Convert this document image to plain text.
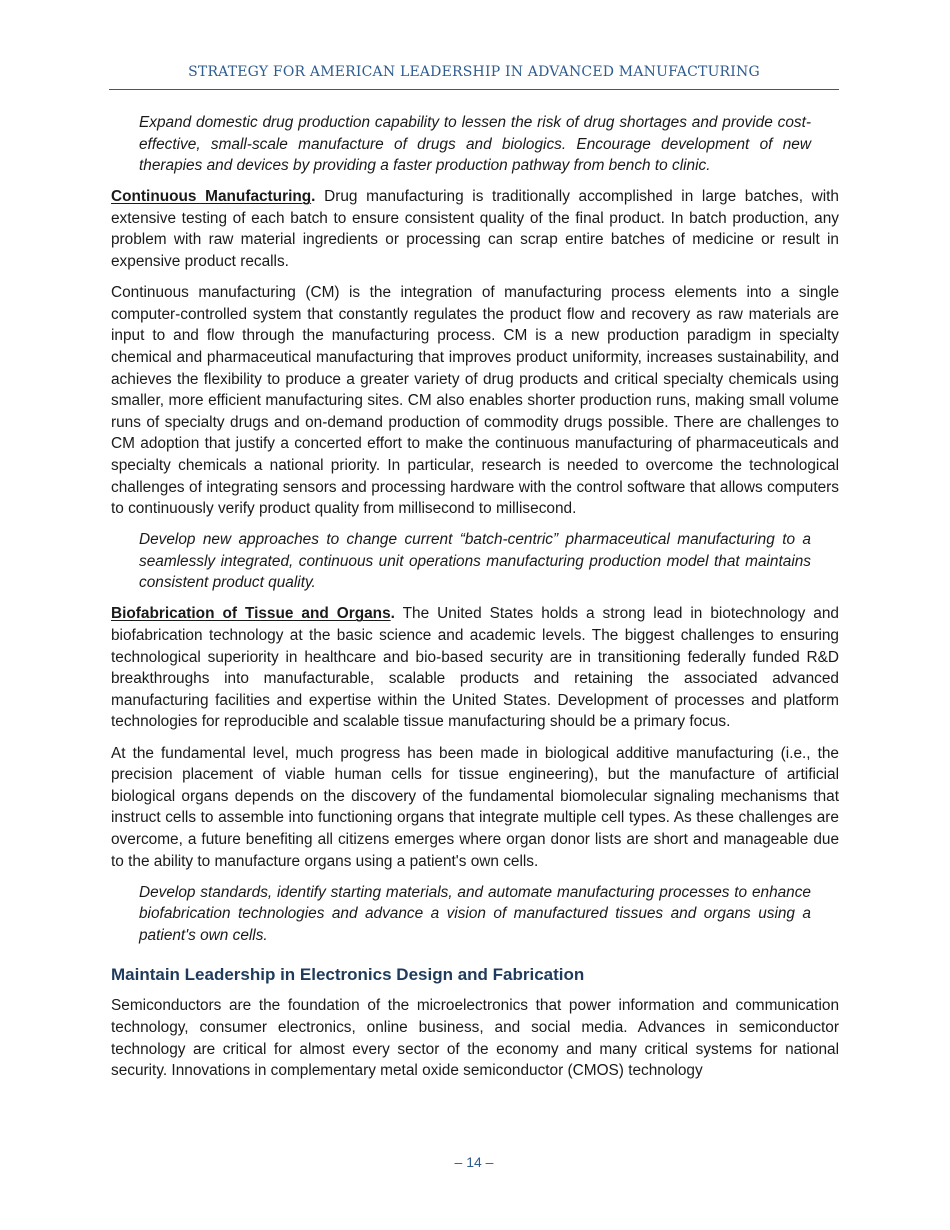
STRATEGY FOR AMERICAN LEADERSHIP IN ADVANCED MANUFACTURING

Expand domestic drug production capability to lessen the risk of drug shortages and provide cost-effective, small-scale manufacture of drugs and biologics. Encourage development of new therapies and devices by providing a faster production pathway from bench to clinic.

Continuous Manufacturing. Drug manufacturing is traditionally accomplished in large batches, with extensive testing of each batch to ensure consistent quality of the final product. In batch production, any problem with raw material ingredients or processing can scrap entire batches of medicine or result in expensive product recalls.

Continuous manufacturing (CM) is the integration of manufacturing process elements into a single computer-controlled system that constantly regulates the product flow and recovery as raw materials are input to and flow through the manufacturing process. CM is a new production paradigm in specialty chemical and pharmaceutical manufacturing that improves product uniformity, increases sustainability, and achieves the flexibility to produce a greater variety of drug products and critical specialty chemicals using smaller, more efficient manufacturing sites. CM also enables shorter production runs, making small volume runs of specialty drugs and on-demand production of commodity drugs possible. There are challenges to CM adoption that justify a concerted effort to make the continuous manufacturing of pharmaceuticals and specialty chemicals a national priority. In particular, research is needed to overcome the technological challenges of integrating sensors and processing hardware with the control software that allows computers to continuously verify product quality from millisecond to millisecond.

Develop new approaches to change current “batch-centric” pharmaceutical manufacturing to a seamlessly integrated, continuous unit operations manufacturing production model that maintains consistent product quality.

Biofabrication of Tissue and Organs. The United States holds a strong lead in biotechnology and biofabrication technology at the basic science and academic levels. The biggest challenges to ensuring technological superiority in healthcare and bio-based security are in transitioning federally funded R&D breakthroughs into manufacturable, scalable products and retaining the associated advanced manufacturing facilities and expertise within the United States. Development of processes and platform technologies for reproducible and scalable tissue manufacturing should be a primary focus.

At the fundamental level, much progress has been made in biological additive manufacturing (i.e., the precision placement of viable human cells for tissue engineering), but the manufacture of artificial biological organs depends on the discovery of the fundamental biomolecular signaling mechanisms that instruct cells to assemble into functioning organs that integrate multiple cell types. As these challenges are overcome, a future benefiting all citizens emerges where organ donor lists are short and manageable due to the ability to manufacture organs using a patient's own cells.

Develop standards, identify starting materials, and automate manufacturing processes to enhance biofabrication technologies and advance a vision of manufactured tissues and organs using a patient's own cells.

Maintain Leadership in Electronics Design and Fabrication

Semiconductors are the foundation of the microelectronics that power information and communication technology, consumer electronics, online business, and social media. Advances in semiconductor technology are critical for almost every sector of the economy and many critical systems for national security. Innovations in complementary metal oxide semiconductor (CMOS) technology

– 14 –
